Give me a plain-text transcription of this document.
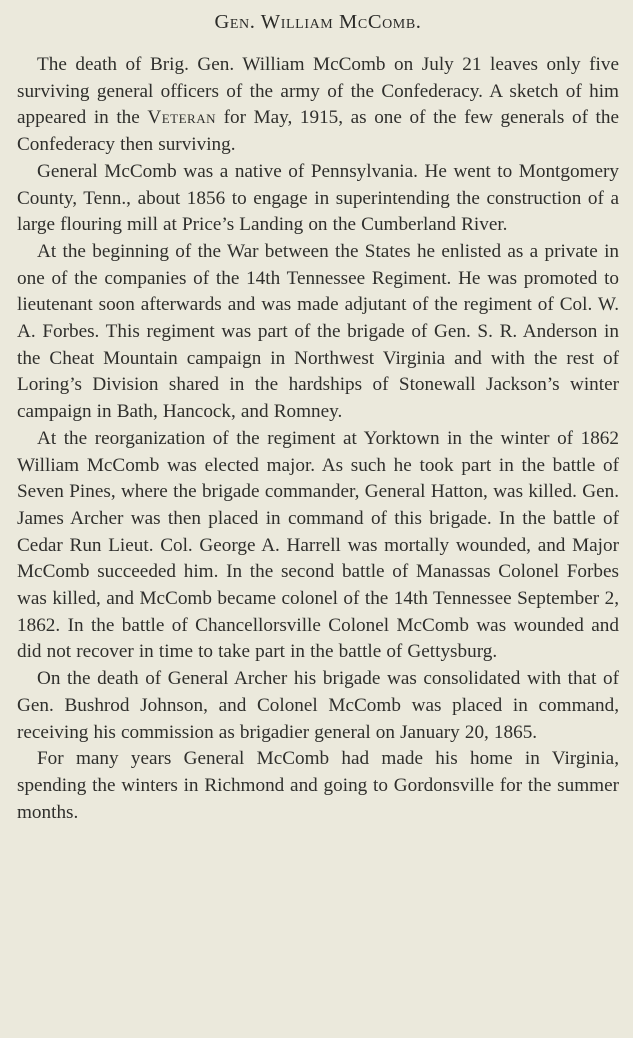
Gen. William McComb.

The death of Brig. Gen. William McComb on July 21 leaves only five surviving general officers of the army of the Confederacy. A sketch of him appeared in the Veteran for May, 1915, as one of the few generals of the Confederacy then surviving.

General McComb was a native of Pennsylvania. He went to Montgomery County, Tenn., about 1856 to engage in superintending the construction of a large flouring mill at Price’s Landing on the Cumberland River.

At the beginning of the War between the States he enlisted as a private in one of the companies of the 14th Tennessee Regiment. He was promoted to lieutenant soon afterwards and was made adjutant of the regiment of Col. W. A. Forbes. This regiment was part of the brigade of Gen. S. R. Anderson in the Cheat Mountain campaign in Northwest Virginia and with the rest of Loring’s Division shared in the hardships of Stonewall Jackson’s winter campaign in Bath, Hancock, and Romney.

At the reorganization of the regiment at Yorktown in the winter of 1862 William McComb was elected major. As such he took part in the battle of Seven Pines, where the brigade commander, General Hatton, was killed. Gen. James Archer was then placed in command of this brigade. In the battle of Cedar Run Lieut. Col. George A. Harrell was mortally wounded, and Major McComb succeeded him. In the second battle of Manassas Colonel Forbes was killed, and McComb became colonel of the 14th Tennessee September 2, 1862. In the battle of Chancellorsville Colonel McComb was wounded and did not recover in time to take part in the battle of Gettysburg.

On the death of General Archer his brigade was consolidated with that of Gen. Bushrod Johnson, and Colonel McComb was placed in command, receiving his commission as brigadier general on January 20, 1865.

For many years General McComb had made his home in Virginia, spending the winters in Richmond and going to Gordonsville for the summer months.
